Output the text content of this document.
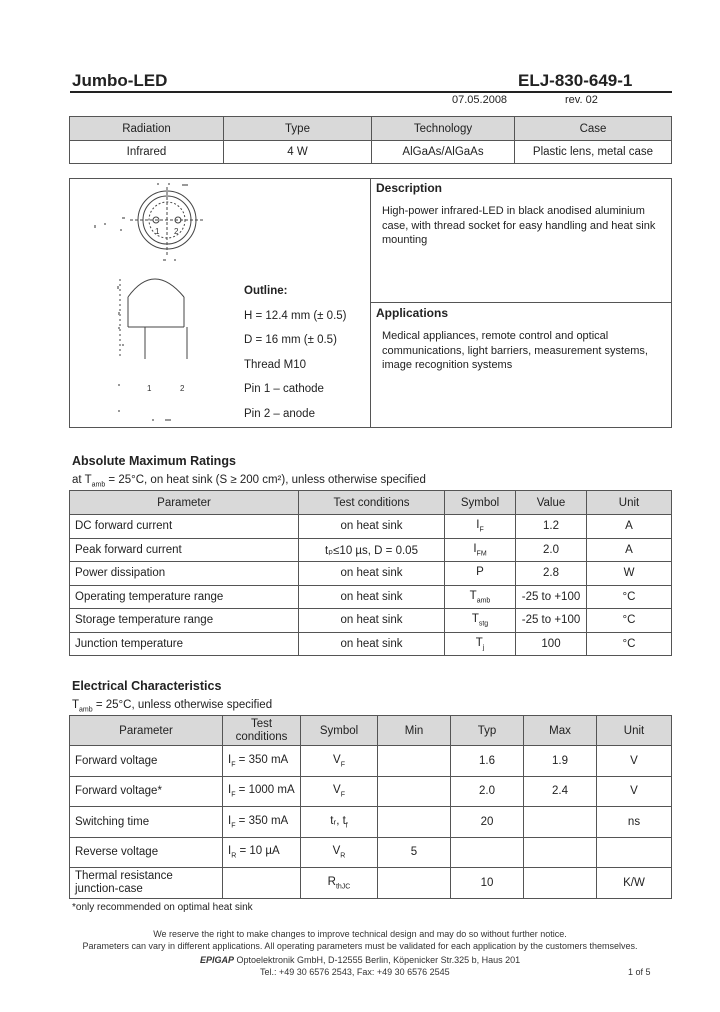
Jumbo-LED	ELJ-830-649-1
07.05.2008	rev. 02
Radiation	Type	Technology	Case
Infrared	4 W	AlGaAs/AlGaAs	Plastic lens, metal case
1 2
1	2
Outline:
H = 12.4 mm (± 0.5)
D = 16 mm (± 0.5)
Thread M10
Pin 1 – cathode
Pin 2 – anode
Description
High-power infrared-LED in black anodised aluminium case, with thread socket for easy handling and heat sink mounting
Applications
Medical appliances, remote control and optical communications, light barriers, measurement systems, image recognition systems
Absolute Maximum Ratings
at $T_{amb} = 25^\circ C$, on heat sink (S ≥ 200 cm²), unless otherwise specified
Parameter	Test conditions	Symbol	Value	Unit
DC forward current	on heat sink	$I_F$	1.2	A
Peak forward current	tₚ≤10 µs, D = 0.05	$I_{FM}$	2.0	A
Power dissipation	on heat sink	P	2.8	W
Operating temperature range	on heat sink	$T_{amb}$	-25 to +100	°C
Storage temperature range	on heat sink	$T_{stg}$	-25 to +100	°C
Junction temperature	on heat sink	$T_j$	100	°C
Electrical Characteristics
$T_{amb} = 25^\circ C$, unless otherwise specified
Parameter	Test conditions	Symbol	Min	Typ	Max	Unit
Forward voltage	$I_F = 350$ mA	$V_F$		1.6	1.9	V
Forward voltage*	$I_F = 1000$ mA	$V_F$		2.0	2.4	V
Switching time	$I_F = 350$ mA	tᵣ, $t_f$		20		ns
Reverse voltage	$I_R = 10$ µA	$V_R$	5			
Thermal resistance junction-case		$R_{thJC}$		10		K/W
*only recommended on optimal heat sink
We reserve the right to make changes to improve technical design and may do so without further notice.
Parameters can vary in different applications. All operating parameters must be validated for each application by the customers themselves.
EPIGAP Optoelektronik GmbH, D-12555 Berlin, Köpenicker Str.325 b, Haus 201
Tel.: +49 30 6576 2543, Fax: +49 30 6576 2545	1 of 5
